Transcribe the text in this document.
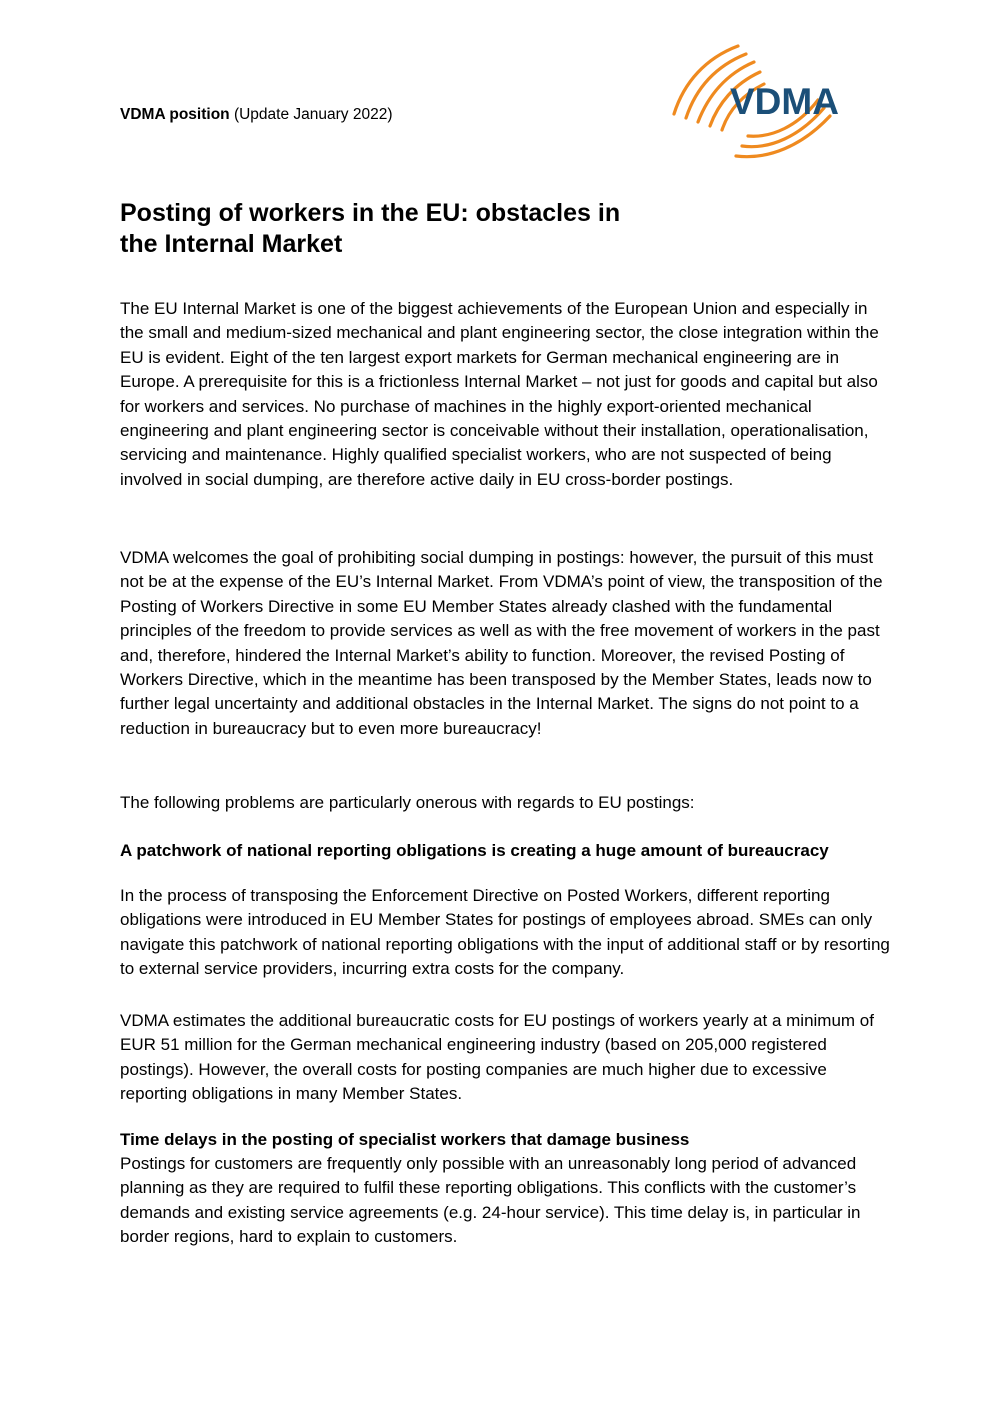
VDMA position (Update January 2022)	VDMA
Posting of workers in the EU: obstacles in
the Internal Market

The EU Internal Market is one of the biggest achievements of the European Union and especially in the small and medium-sized mechanical and plant engineering sector, the close integration within the EU is evident. Eight of the ten largest export markets for German mechanical engineering are in Europe. A prerequisite for this is a frictionless Internal Market – not just for goods and capital but also for workers and services. No purchase of machines in the highly export-oriented mechanical engineering and plant engineering sector is conceivable without their installation, operationalisation, servicing and maintenance. Highly qualified specialist workers, who are not suspected of being involved in social dumping, are therefore active daily in EU cross-border postings.

VDMA welcomes the goal of prohibiting social dumping in postings: however, the pursuit of this must not be at the expense of the EU’s Internal Market. From VDMA’s point of view, the transposition of the Posting of Workers Directive in some EU Member States already clashed with the fundamental principles of the freedom to provide services as well as with the free movement of workers in the past and, therefore, hindered the Internal Market’s ability to function. Moreover, the revised Posting of Workers Directive, which in the meantime has been transposed by the Member States, leads now to further legal uncertainty and additional obstacles in the Internal Market. The signs do not point to a reduction in bureaucracy but to even more bureaucracy!

The following problems are particularly onerous with regards to EU postings:

A patchwork of national reporting obligations is creating a huge amount of bureaucracy

In the process of transposing the Enforcement Directive on Posted Workers, different reporting obligations were introduced in EU Member States for postings of employees abroad. SMEs can only navigate this patchwork of national reporting obligations with the input of additional staff or by resorting to external service providers, incurring extra costs for the company.

VDMA estimates the additional bureaucratic costs for EU postings of workers yearly at a minimum of EUR 51 million for the German mechanical engineering industry (based on 205,000 registered postings). However, the overall costs for posting companies are much higher due to excessive reporting obligations in many Member States.

Time delays in the posting of specialist workers that damage business

Postings for customers are frequently only possible with an unreasonably long period of advanced planning as they are required to fulfil these reporting obligations. This conflicts with the customer’s demands and existing service agreements (e.g. 24-hour service). This time delay is, in particular in border regions, hard to explain to customers.
